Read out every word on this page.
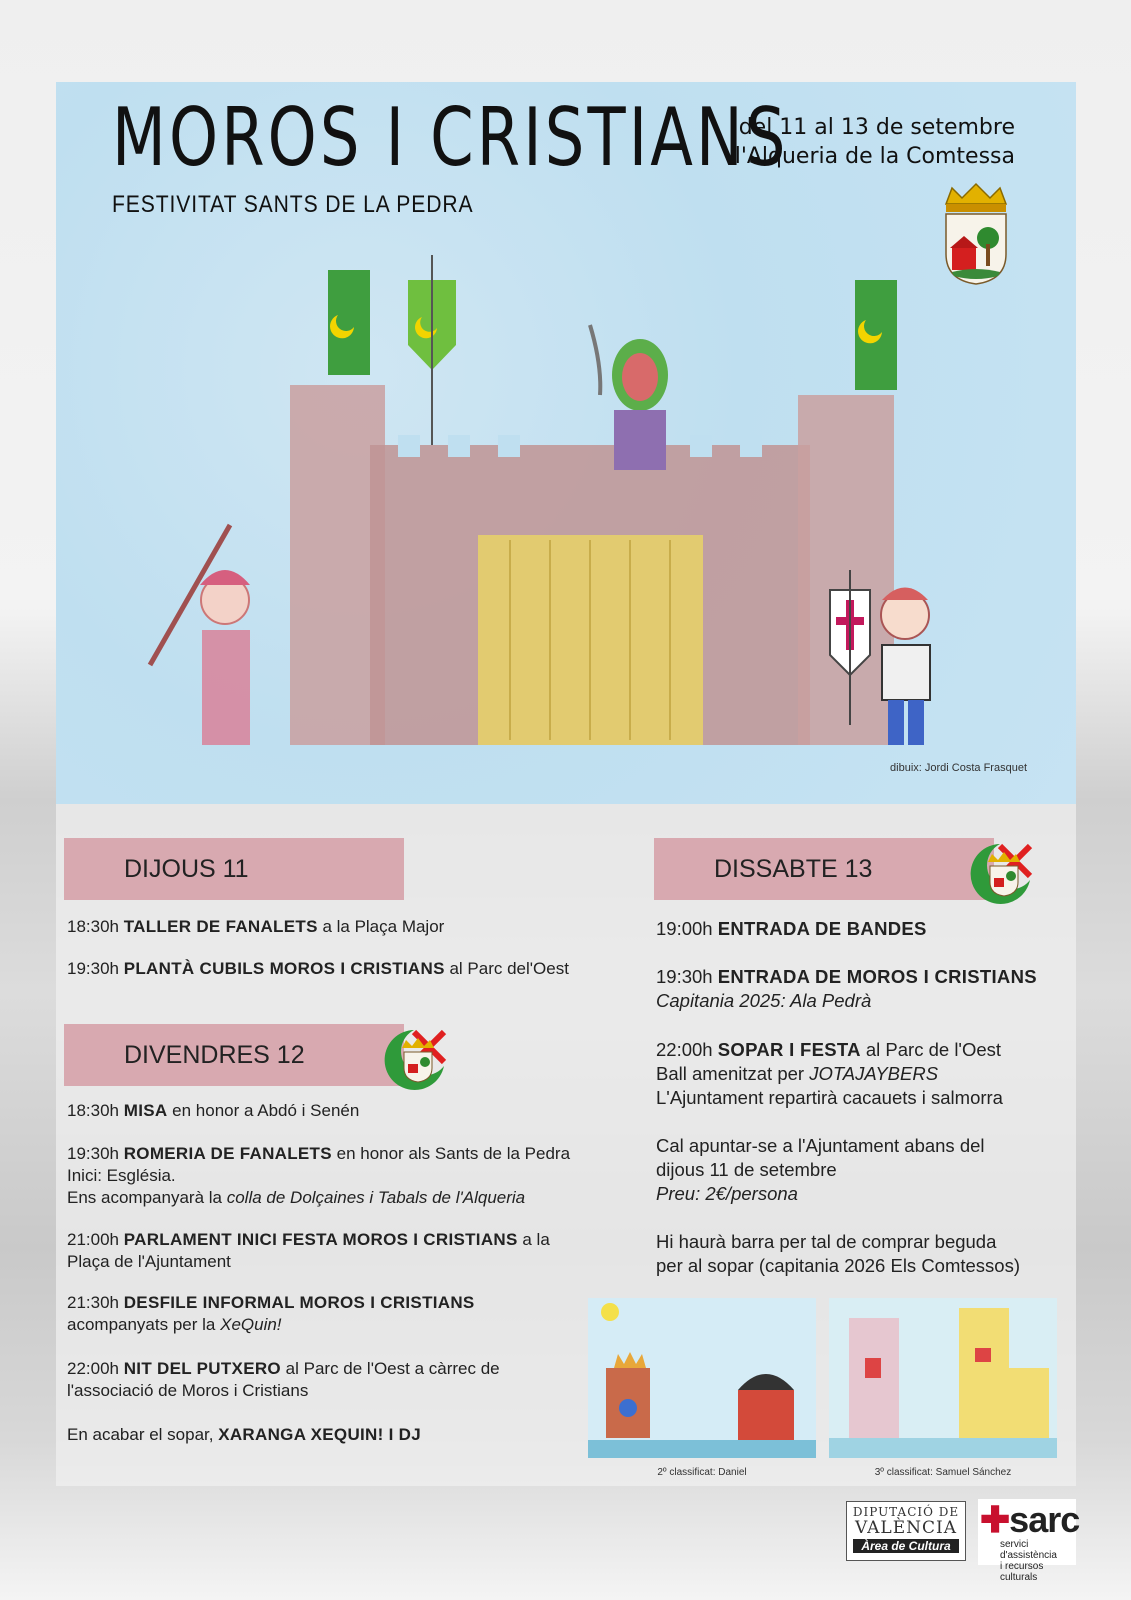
MOROS I CRISTIANS
FESTIVITAT SANTS DE LA PEDRA
del 11 al 13 de setembre
l'Alqueria de la Comtessa
dibuix: Jordi Costa Frasquet
DIJOUS 11
18:30h TALLER DE FANALETS a la Plaça Major
19:30h PLANTÀ CUBILS MOROS I CRISTIANS al Parc del'Oest
DIVENDRES 12
18:30h MISA en honor a Abdó i Senén
19:30h ROMERIA DE FANALETS en honor als Sants de la Pedra
Inici: Església.
Ens acompanyarà la colla de Dolçaines i Tabals de l'Alqueria
21:00h PARLAMENT INICI FESTA MOROS I CRISTIANS a la
Plaça de l'Ajuntament
21:30h DESFILE INFORMAL MOROS I CRISTIANS
acompanyats per la XeQuin!
22:00h NIT DEL PUTXERO al Parc de l'Oest a càrrec de
l'associació de Moros i Cristians
En acabar el sopar, XARANGA XEQUIN! I DJ
DISSABTE 13
19:00h ENTRADA DE BANDES
19:30h ENTRADA DE MOROS I CRISTIANS
Capitania 2025: Ala Pedrà
22:00h SOPAR I FESTA al Parc de l'Oest
Ball amenitzat per JOTAJAYBERS
L'Ajuntament repartirà cacauets i salmorra
Cal apuntar-se a l'Ajuntament abans del
dijous 11 de setembre
Preu: 2€/persona
Hi haurà barra per tal de comprar beguda
per al sopar (capitania 2026 Els Comtessos)
2º classificat: Daniel	3º classificat: Samuel Sánchez
DIPUTACIÓ DE
VALÈNCIA
Àrea de Cultura
✚sarc
servici d'assistència
i recursos culturals
